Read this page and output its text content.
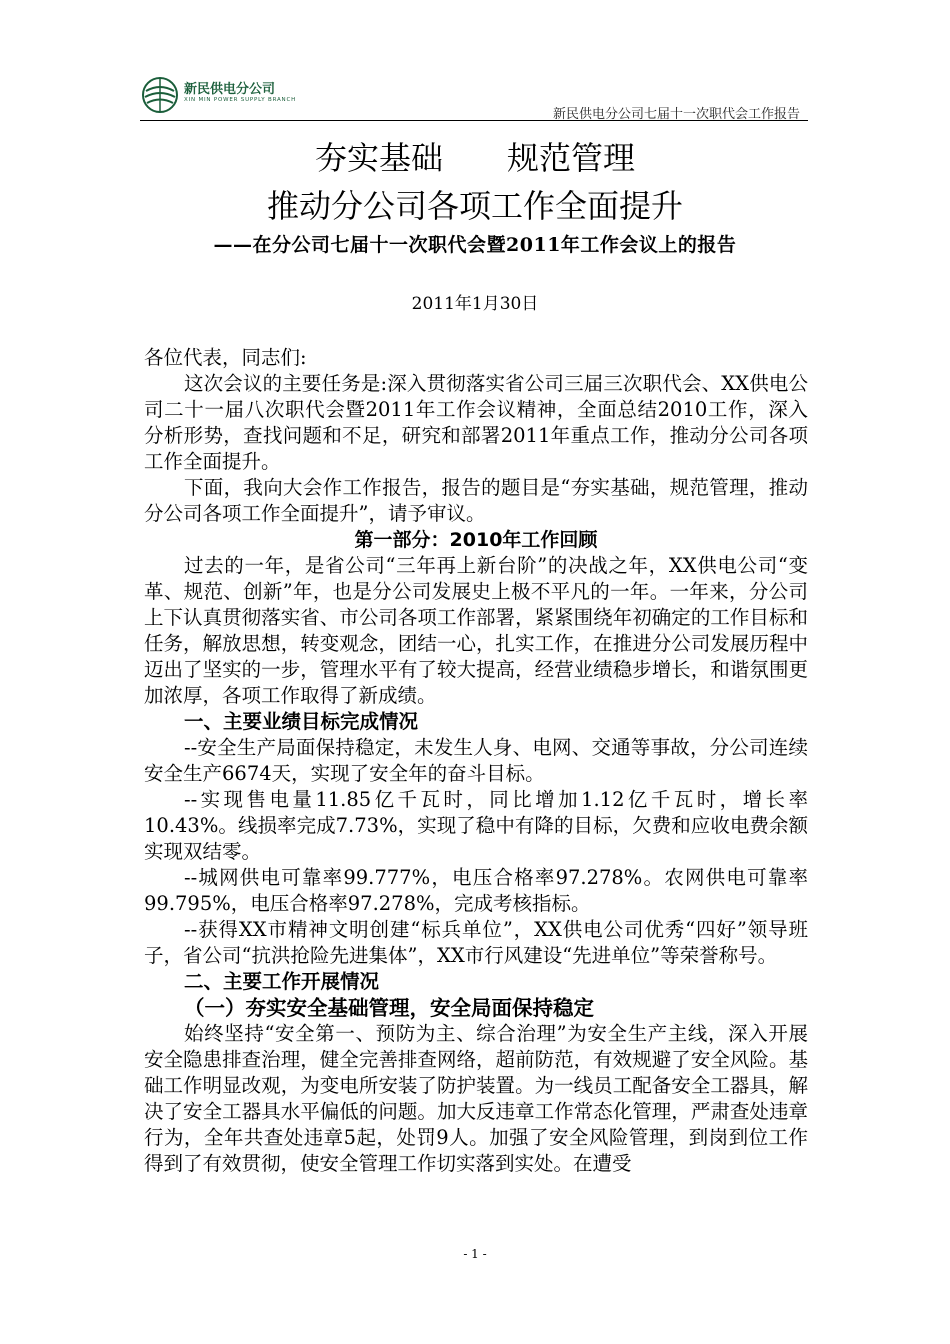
新民供电分公司
XIN MIN POWER SUPPLY BRANCH
新民供电分公司七届十一次职代会工作报告
夯实基础　　规范管理
推动分公司各项工作全面提升
——在分公司七届十一次职代会暨2011年工作会议上的报告
2011年1月30日

各位代表，同志们:

这次会议的主要任务是:深入贯彻落实省公司三届三次职代会、XX供电公司二十一届八次职代会暨2011年工作会议精神，全面总结2010工作，深入分析形势，查找问题和不足，研究和部署2011年重点工作，推动分公司各项工作全面提升。

下面，我向大会作工作报告，报告的题目是“夯实基础，规范管理，推动分公司各项工作全面提升”，请予审议。

第一部分：2010年工作回顾

过去的一年，是省公司“三年再上新台阶”的决战之年，XX供电公司“变革、规范、创新”年，也是分公司发展史上极不平凡的一年。一年来，分公司上下认真贯彻落实省、市公司各项工作部署，紧紧围绕年初确定的工作目标和任务，解放思想，转变观念，团结一心，扎实工作，在推进分公司发展历程中迈出了坚实的一步，管理水平有了较大提高，经营业绩稳步增长，和谐氛围更加浓厚，各项工作取得了新成绩。

一、主要业绩目标完成情况

--安全生产局面保持稳定，未发生人身、电网、交通等事故，分公司连续安全生产6674天，实现了安全年的奋斗目标。

--实现售电量11.85亿千瓦时，同比增加1.12亿千瓦时，增长率10.43%。线损率完成7.73%，实现了稳中有降的目标，欠费和应收电费余额实现双结零。

--城网供电可靠率99.777%，电压合格率97.278%。农网供电可靠率99.795%，电压合格率97.278%，完成考核指标。

--获得XX市精神文明创建“标兵单位”，XX供电公司优秀“四好”领导班子，省公司“抗洪抢险先进集体”，XX市行风建设“先进单位”等荣誉称号。

二、主要工作开展情况

（一）夯实安全基础管理，安全局面保持稳定

始终坚持“安全第一、预防为主、综合治理”为安全生产主线，深入开展安全隐患排查治理，健全完善排查网络，超前防范，有效规避了安全风险。基础工作明显改观，为变电所安装了防护装置。为一线员工配备安全工器具，解决了安全工器具水平偏低的问题。加大反违章工作常态化管理，严肃查处违章行为，全年共查处违章5起，处罚9人。加强了安全风险管理，到岗到位工作得到了有效贯彻，使安全管理工作切实落到实处。在遭受

- 1 -
